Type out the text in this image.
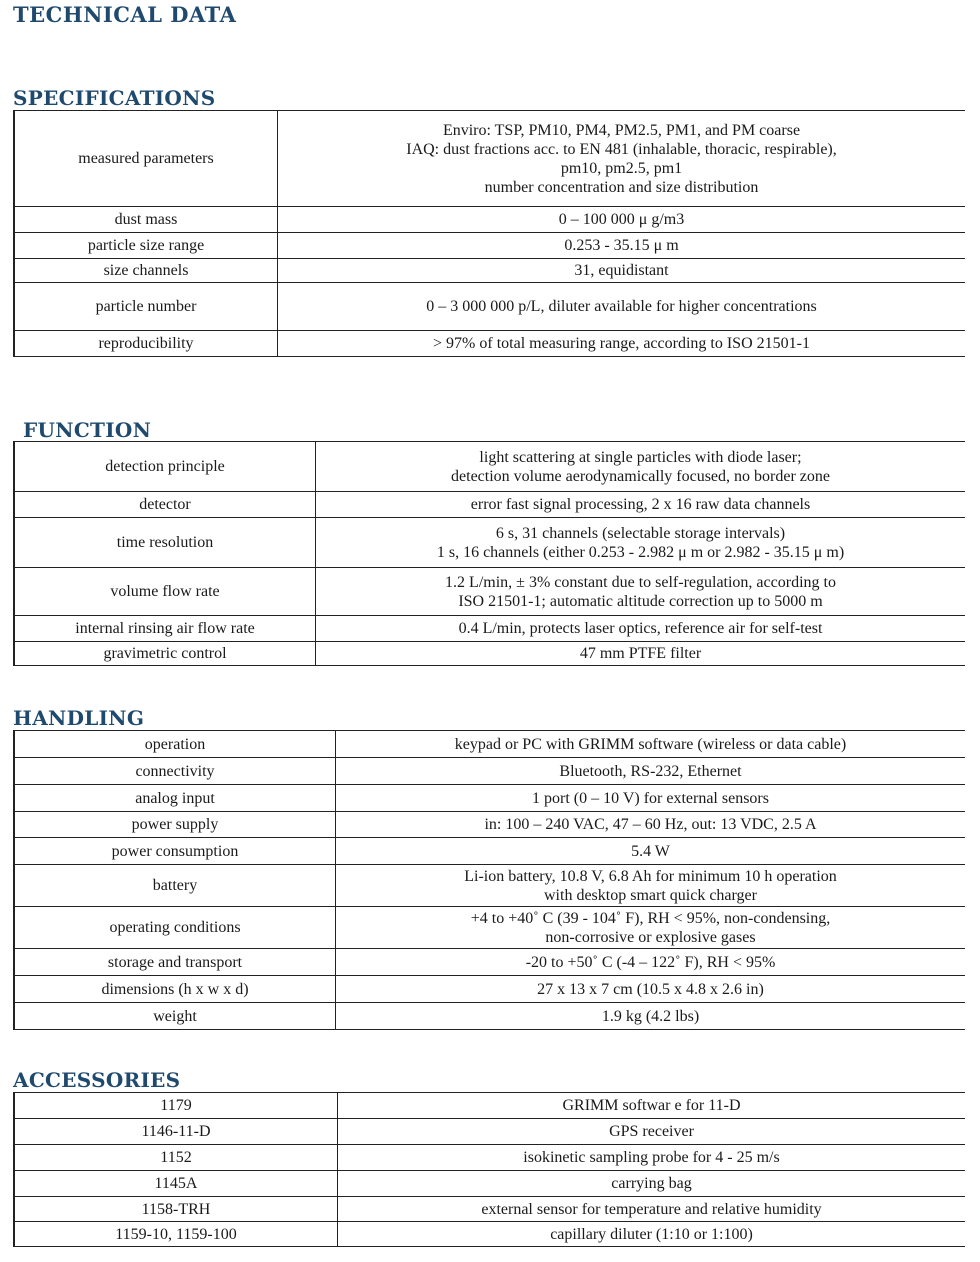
TECHNICAL DATA
SPECIFICATIONS
measured parameters	Enviro: TSP, PM10, PM4, PM2.5, PM1, and PM coarse
IAQ: dust fractions acc. to EN 481 (inhalable, thoracic, respirable),
pm10, pm2.5, pm1
number concentration and size distribution

dust mass	0 – 100 000 μ g/m3

particle size range	0.253 - 35.15 μ m

size channels	31, equidistant

particle number	0 – 3 000 000 p/L, diluter available for higher concentrations

reproducibility	> 97% of total measuring range, according to ISO 21501-1
FUNCTION
detection principle	light scattering at single particles with diode laser;
detection volume aerodynamically focused, no border zone

detector	error fast signal processing, 2 x 16 raw data channels

time resolution	6 s, 31 channels (selectable storage intervals)
1 s, 16 channels (either 0.253 - 2.982 μ m or 2.982 - 35.15 μ m)

volume flow rate	1.2 L/min, ± 3% constant due to self-regulation, according to
ISO 21501-1; automatic altitude correction up to 5000 m

internal rinsing air flow rate	0.4 L/min, protects laser optics, reference air for self-test

gravimetric control	47 mm PTFE filter
HANDLING
operation	keypad or PC with GRIMM software (wireless or data cable)

connectivity	Bluetooth, RS-232, Ethernet

analog input	1 port (0 – 10 V) for external sensors

power supply	in: 100 – 240 VAC, 47 – 60 Hz, out: 13 VDC, 2.5 A

power consumption	5.4 W

battery	Li-ion battery, 10.8 V, 6.8 Ah for minimum 10 h operation
with desktop smart quick charger

operating conditions	+4 to +40˚ C (39 - 104˚ F), RH < 95%, non-condensing,
non-corrosive or explosive gases

storage and transport	-20 to +50˚ C (-4 – 122˚ F), RH < 95%

dimensions (h x w x d)	27 x 13 x 7 cm (10.5 x 4.8 x 2.6 in)

weight	1.9 kg (4.2 lbs)
ACCESSORIES
1179	GRIMM softwar e for 11-D

1146-11-D	GPS receiver

1152	isokinetic sampling probe for 4 - 25 m/s

1145A	carrying bag

1158-TRH	external sensor for temperature and relative humidity

1159-10, 1159-100	capillary diluter (1:10 or 1:100)
